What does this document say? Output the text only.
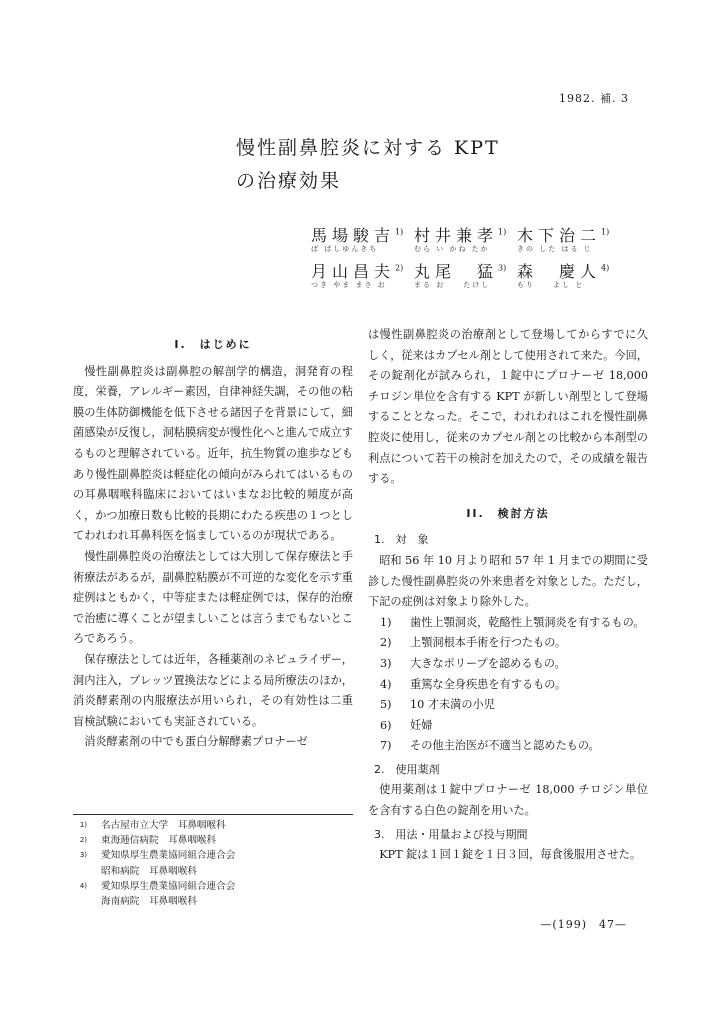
1982. 補. 3
慢性副鼻腔炎に対する KPT
の治療効果
馬場駿吉$^{1)}$
ば ばしゆんきち
村井兼孝$^{1)}$
むら い かね たか
木下治二$^{1)}$
きの した はる じ
月山昌夫$^{2)}$
つき やま まさ お
丸尾　猛$^{3)}$
まる お　　たけし
森　慶人$^{4)}$
もり　　よし と
I.　はじめに

慢性副鼻腔炎は副鼻腔の解剖学的構造，洞発育の程度，栄養，アレルギー素因，自律神経失調，その他の粘膜の生体防御機能を低下させる諸因子を背景にして，細菌感染が反復し，洞粘膜病変が慢性化へと進んで成立するものと理解されている。近年，抗生物質の進歩などもあり慢性副鼻腔炎は軽症化の傾向がみられてはいるものの耳鼻咽喉科臨床においてはいまなお比較的頻度が高く，かつ加療日数も比較的長期にわたる疾患の１つとしてわれわれ耳鼻科医を悩ましているのが現状である。

慢性副鼻腔炎の治療法としては大別して保存療法と手術療法があるが，副鼻腔粘膜が不可逆的な変化を示す重症例はともかく，中等症または軽症例では，保存的治療で治癒に導くことが望ましいことは言うまでもないところであろう。

保存療法としては近年，各種薬剤のネビュライザー，洞内注入，プレッツ置換法などによる局所療法のほか，消炎酵素剤の内服療法が用いられ，その有効性は二重盲検試験においても実証されている。

消炎酵素剤の中でも蛋白分解酵素プロナーゼ

1)	名古屋市立大学　耳鼻咽喉科
2)	東海逓信病院　耳鼻咽喉科
3)	愛知県厚生農業協同組合連合会
昭和病院　耳鼻咽喉科
4)	愛知県厚生農業協同組合連合会
海南病院　耳鼻咽喉科

は慢性副鼻腔炎の治療剤として登場してからすでに久しく，従来はカプセル剤として使用されて来た。今回，その錠剤化が試みられ，１錠中にプロナーゼ 18,000 チロジン単位を含有する KPT が新しい剤型として登場することとなった。そこで，われわれはこれを慢性副鼻腔炎に使用し，従来のカプセル剤との比較から本剤型の利点について若干の検討を加えたので，その成績を報告する。

II.　検討方法
1.　対　象

昭和 56 年 10 月より昭和 57 年 1 月までの期間に受診した慢性副鼻腔炎の外来患者を対象とした。ただし，下記の症例は対象より除外した。

1)	歯性上顎洞炎，乾酪性上顎洞炎を有するもの。
2)	上顎洞根本手術を行つたもの。
3)	大きなポリープを認めるもの。
4)	重篤な全身疾患を有するもの。
5)	10 才未満の小児
6)	妊婦
7)	その他主治医が不適当と認めたもの。
2.　使用薬剤

使用薬剤は１錠中プロナーゼ 18,000 チロジン単位を含有する白色の錠剤を用いた。

3.　用法・用量および投与期間

KPT 錠は１回１錠を１日３回，毎食後服用させた。

—(199)　47—
